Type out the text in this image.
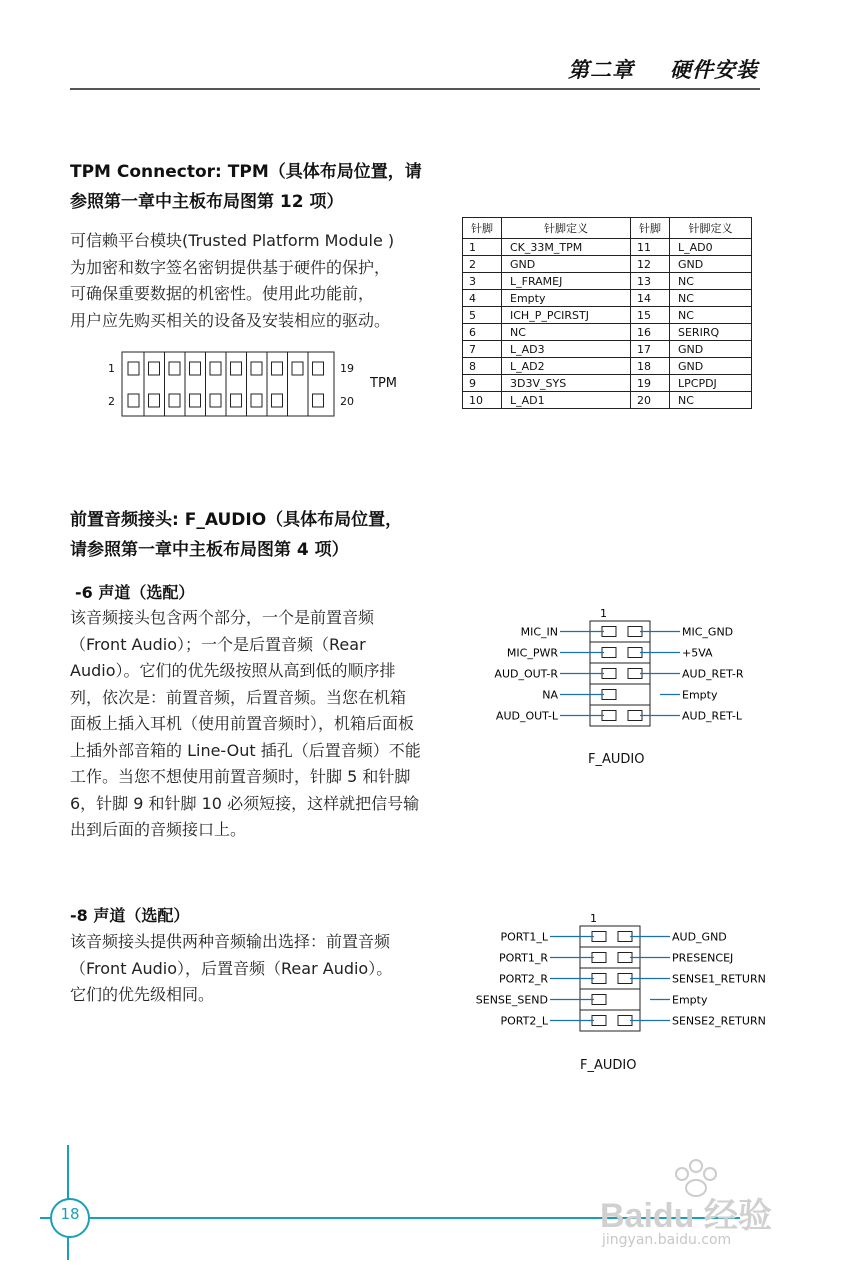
第二章 硬件安装
TPM Connector: TPM（具体布局位置，请
参照第一章中主板布局图第 12 项）
可信赖平台模块(Trusted Platform Module )
为加密和数字签名密钥提供基于硬件的保护，
可确保重要数据的机密性。使用此功能前，
用户应先购买相关的设备及安装相应的驱动。
1
2
19
20
TPM
针脚	针脚定义	针脚	针脚定义
1	CK_33M_TPM	11	L_AD0
2	GND	12	GND
3	L_FRAMEJ	13	NC
4	Empty	14	NC
5	ICH_P_PCIRSTJ	15	NC
6	NC	16	SERIRQ
7	L_AD3	17	GND
8	L_AD2	18	GND
9	3D3V_SYS	19	LPCPDJ
10	L_AD1	20	NC
前置音频接头: F_AUDIO（具体布局位置，
请参照第一章中主板布局图第 4 项）
-6 声道（选配）
该音频接头包含两个部分，一个是前置音频
（Front Audio）；一个是后置音频（Rear
Audio）。它们的优先级按照从高到低的顺序排
列，依次是：前置音频，后置音频。当您在机箱
面板上插入耳机（使用前置音频时），机箱后面板
上插外部音箱的 Line-Out 插孔（后置音频）不能
工作。当您不想使用前置音频时，针脚 5 和针脚
6，针脚 9 和针脚 10 必须短接，这样就把信号输
出到后面的音频接口上。
1
MIC_IN	MIC_GND
MIC_PWR	+5VA
AUD_OUT-R	AUD_RET-R
NA	Empty
AUD_OUT-L	AUD_RET-L
F_AUDIO
-8 声道（选配）
该音频接头提供两种音频输出选择：前置音频
（Front Audio），后置音频（Rear Audio）。
它们的优先级相同。
1
PORT1_L	AUD_GND
PORT1_R	PRESENCEJ
PORT2_R	SENSE1_RETURN
SENSE_SEND	Empty
PORT2_L	SENSE2_RETURN
F_AUDIO
18	Baidu 经验
jingyan.baidu.com
